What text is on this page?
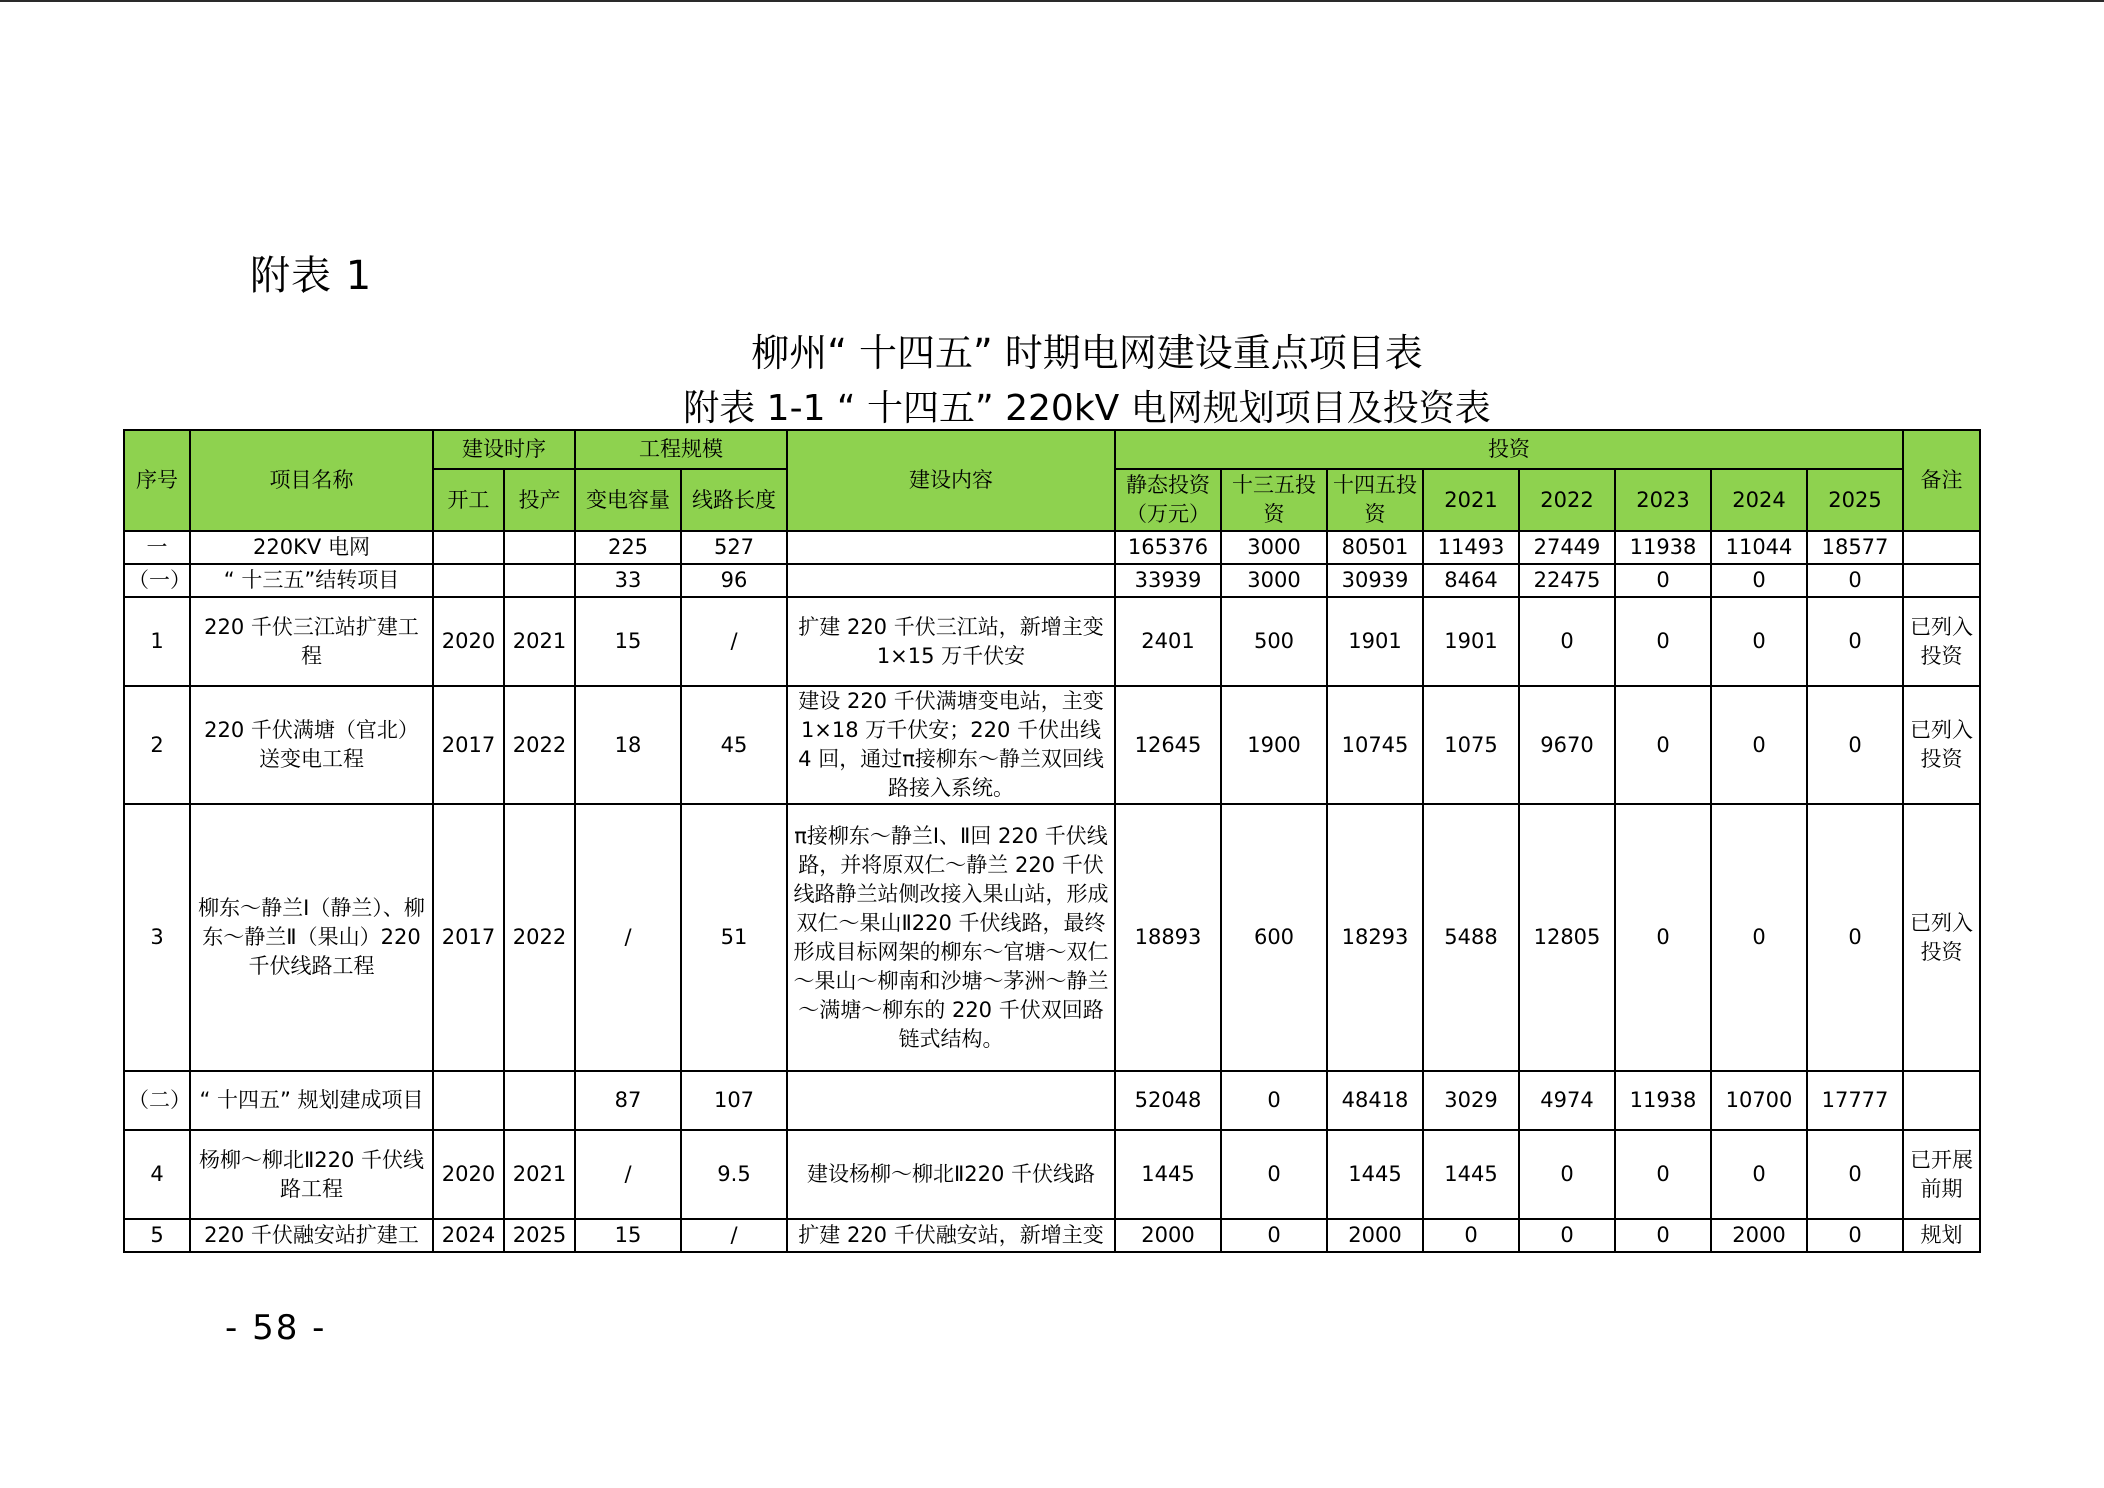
附表 1
柳州“ 十四五” 时期电网建设重点项目表
附表 1-1 “ 十四五” 220kV 电网规划项目及投资表
序号	项目名称	建设时序		工程规模		建设内容	投资								备注
		开工	投产	变电容量	线路长度		静态投资（万元）	十三五投资	十四五投资	2021	2022	2023	2024	2025	
一	220KV 电网			225	527		165376	3000	80501	11493	27449	11938	11044	18577	
（一）	“ 十三五”结转项目			33	96		33939	3000	30939	8464	22475	0	0	0	
1	220 千伏三江站扩建工程	2020	2021	15	/	扩建 220 千伏三江站，新增主变 1×15 万千伏安	2401	500	1901	1901	0	0	0	0	已列入投资
2	220 千伏满塘（官北）送变电工程	2017	2022	18	45	建设 220 千伏满塘变电站，主变 1×18 万千伏安；220 千伏出线 4 回，通过π接柳东～静兰双回线路接入系统。	12645	1900	10745	1075	9670	0	0	0	已列入投资
3	柳东～静兰Ⅰ（静兰）、柳东～静兰Ⅱ（果山）220 千伏线路工程	2017	2022	/	51	π接柳东～静兰Ⅰ、Ⅱ回 220 千伏线路，并将原双仁～静兰 220 千伏线路静兰站侧改接入果山站，形成双仁～果山Ⅱ220 千伏线路，最终形成目标网架的柳东～官塘～双仁～果山～柳南和沙塘～茅洲～静兰～满塘～柳东的 220 千伏双回路链式结构。	18893	600	18293	5488	12805	0	0	0	已列入投资
（二）	“ 十四五” 规划建成项目			87	107		52048	0	48418	3029	4974	11938	10700	17777	
4	杨柳～柳北Ⅱ220 千伏线路工程	2020	2021	/	9.5	建设杨柳～柳北Ⅱ220 千伏线路	1445	0	1445	1445	0	0	0	0	已开展前期
5	220 千伏融安站扩建工	2024	2025	15	/	扩建 220 千伏融安站，新增主变	2000	0	2000	0	0	0	2000	0	规划
- 58 -
